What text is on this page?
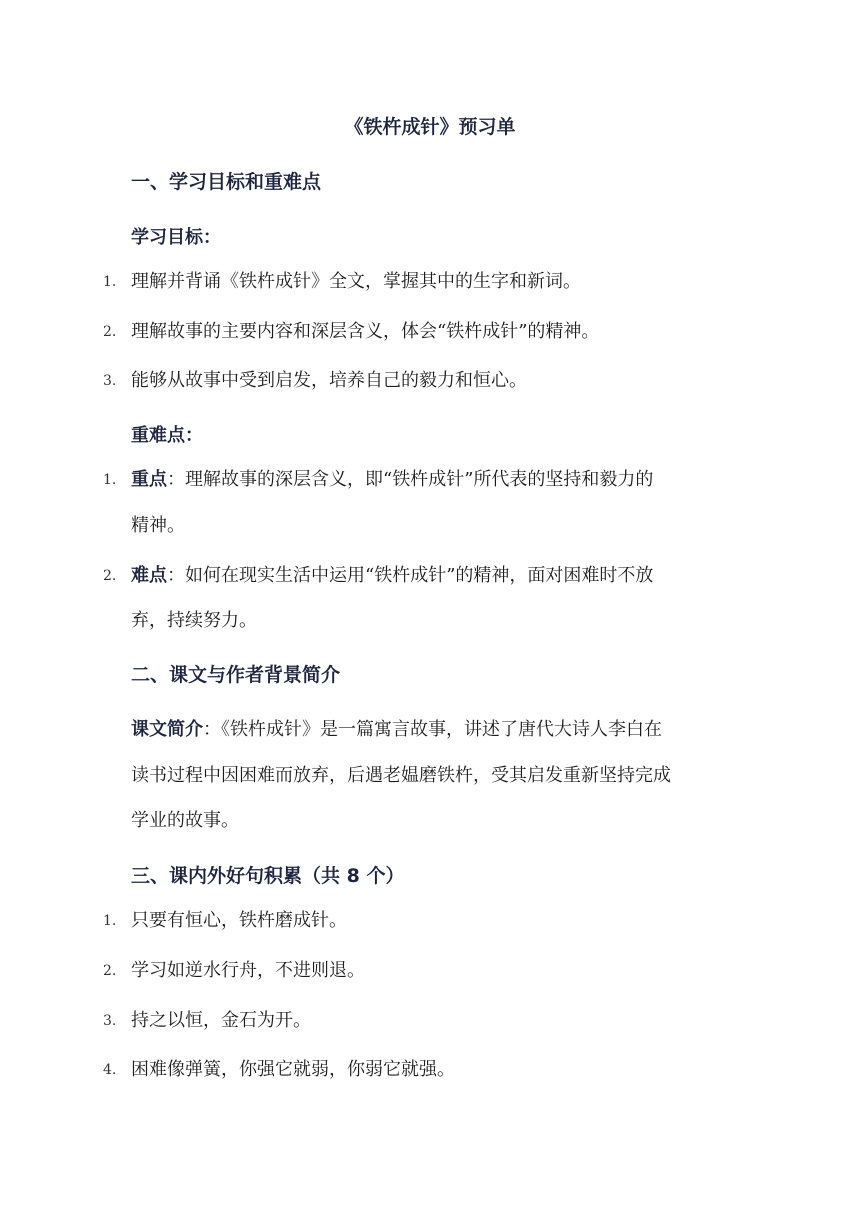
《铁杵成针》预习单
一、学习目标和重难点
学习目标：
1. 理解并背诵《铁杵成针》全文，掌握其中的生字和新词。
2. 理解故事的主要内容和深层含义，体会“铁杵成针”的精神。
3. 能够从故事中受到启发，培养自己的毅力和恒心。
重难点：
1. 重点：理解故事的深层含义，即“铁杵成针”所代表的坚持和毅力的
精神。
2. 难点：如何在现实生活中运用“铁杵成针”的精神，面对困难时不放
弃，持续努力。
二、课文与作者背景简介
课文简介：《铁杵成针》是一篇寓言故事，讲述了唐代大诗人李白在
读书过程中因困难而放弃，后遇老媪磨铁杵，受其启发重新坚持完成
学业的故事。
三、课内外好句积累（共 8 个）
1. 只要有恒心，铁杵磨成针。
2. 学习如逆水行舟，不进则退。
3. 持之以恒，金石为开。
4. 困难像弹簧，你强它就弱，你弱它就强。
